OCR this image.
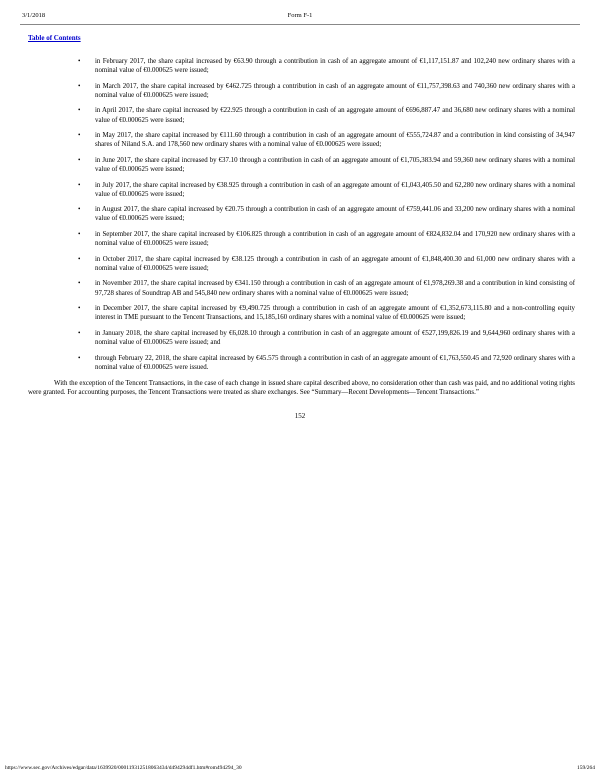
3/1/2018	Form F-1
Table of Contents
•	in February 2017, the share capital increased by €63.90 through a contribution in cash of an aggregate amount of €1,117,151.87 and 102,240 new ordinary shares with a nominal value of €0.000625 were issued;
•	in March 2017, the share capital increased by €462.725 through a contribution in cash of an aggregate amount of €11,757,398.63 and 740,360 new ordinary shares with a nominal value of €0.000625 were issued;
•	in April 2017, the share capital increased by €22.925 through a contribution in cash of an aggregate amount of €696,887.47 and 36,680 new ordinary shares with a nominal value of €0.000625 were issued;
•	in May 2017, the share capital increased by €111.60 through a contribution in cash of an aggregate amount of €555,724.87 and a contribution in kind consisting of 34,947 shares of Niland S.A. and 178,560 new ordinary shares with a nominal value of €0.000625 were issued;
•	in June 2017, the share capital increased by €37.10 through a contribution in cash of an aggregate amount of €1,705,383.94 and 59,360 new ordinary shares with a nominal value of €0.000625 were issued;
•	in July 2017, the share capital increased by €38.925 through a contribution in cash of an aggregate amount of €1,043,405.50 and 62,280 new ordinary shares with a nominal value of €0.000625 were issued;
•	in August 2017, the share capital increased by €20.75 through a contribution in cash of an aggregate amount of €759,441.06 and 33,200 new ordinary shares with a nominal value of €0.000625 were issued;
•	in September 2017, the share capital increased by €106.825 through a contribution in cash of an aggregate amount of €824,832.04 and 170,920 new ordinary shares with a nominal value of €0.000625 were issued;
•	in October 2017, the share capital increased by €38.125 through a contribution in cash of an aggregate amount of €1,848,400.30 and 61,000 new ordinary shares with a nominal value of €0.000625 were issued;
•	in November 2017, the share capital increased by €341.150 through a contribution in cash of an aggregate amount of €1,978,269.38 and a contribution in kind consisting of 97,728 shares of Soundtrap AB and 545,840 new ordinary shares with a nominal value of €0.000625 were issued;
•	in December 2017, the share capital increased by €9,490.725 through a contribution in cash of an aggregate amount of €1,352,673,115.80 and a non-controlling equity interest in TME pursuant to the Tencent Transactions, and 15,185,160 ordinary shares with a nominal value of €0.000625 were issued;
•	in January 2018, the share capital increased by €6,028.10 through a contribution in cash of an aggregate amount of €527,199,826.19 and 9,644,960 ordinary shares with a nominal value of €0.000625 were issued; and
•	through February 22, 2018, the share capital increased by €45.575 through a contribution in cash of an aggregate amount of €1,763,550.45 and 72,920 ordinary shares with a nominal value of €0.000625 were issued.

With the exception of the Tencent Transactions, in the case of each change in issued share capital described above, no consideration other than cash was paid, and no additional voting rights were granted. For accounting purposes, the Tencent Transactions were treated as share exchanges. See “Summary—Recent Developments—Tencent Transactions.”

152
https://www.sec.gov/Archives/edgar/data/1639920/000119312518063434/d494294df1.htm#rom494294_30	159/264
